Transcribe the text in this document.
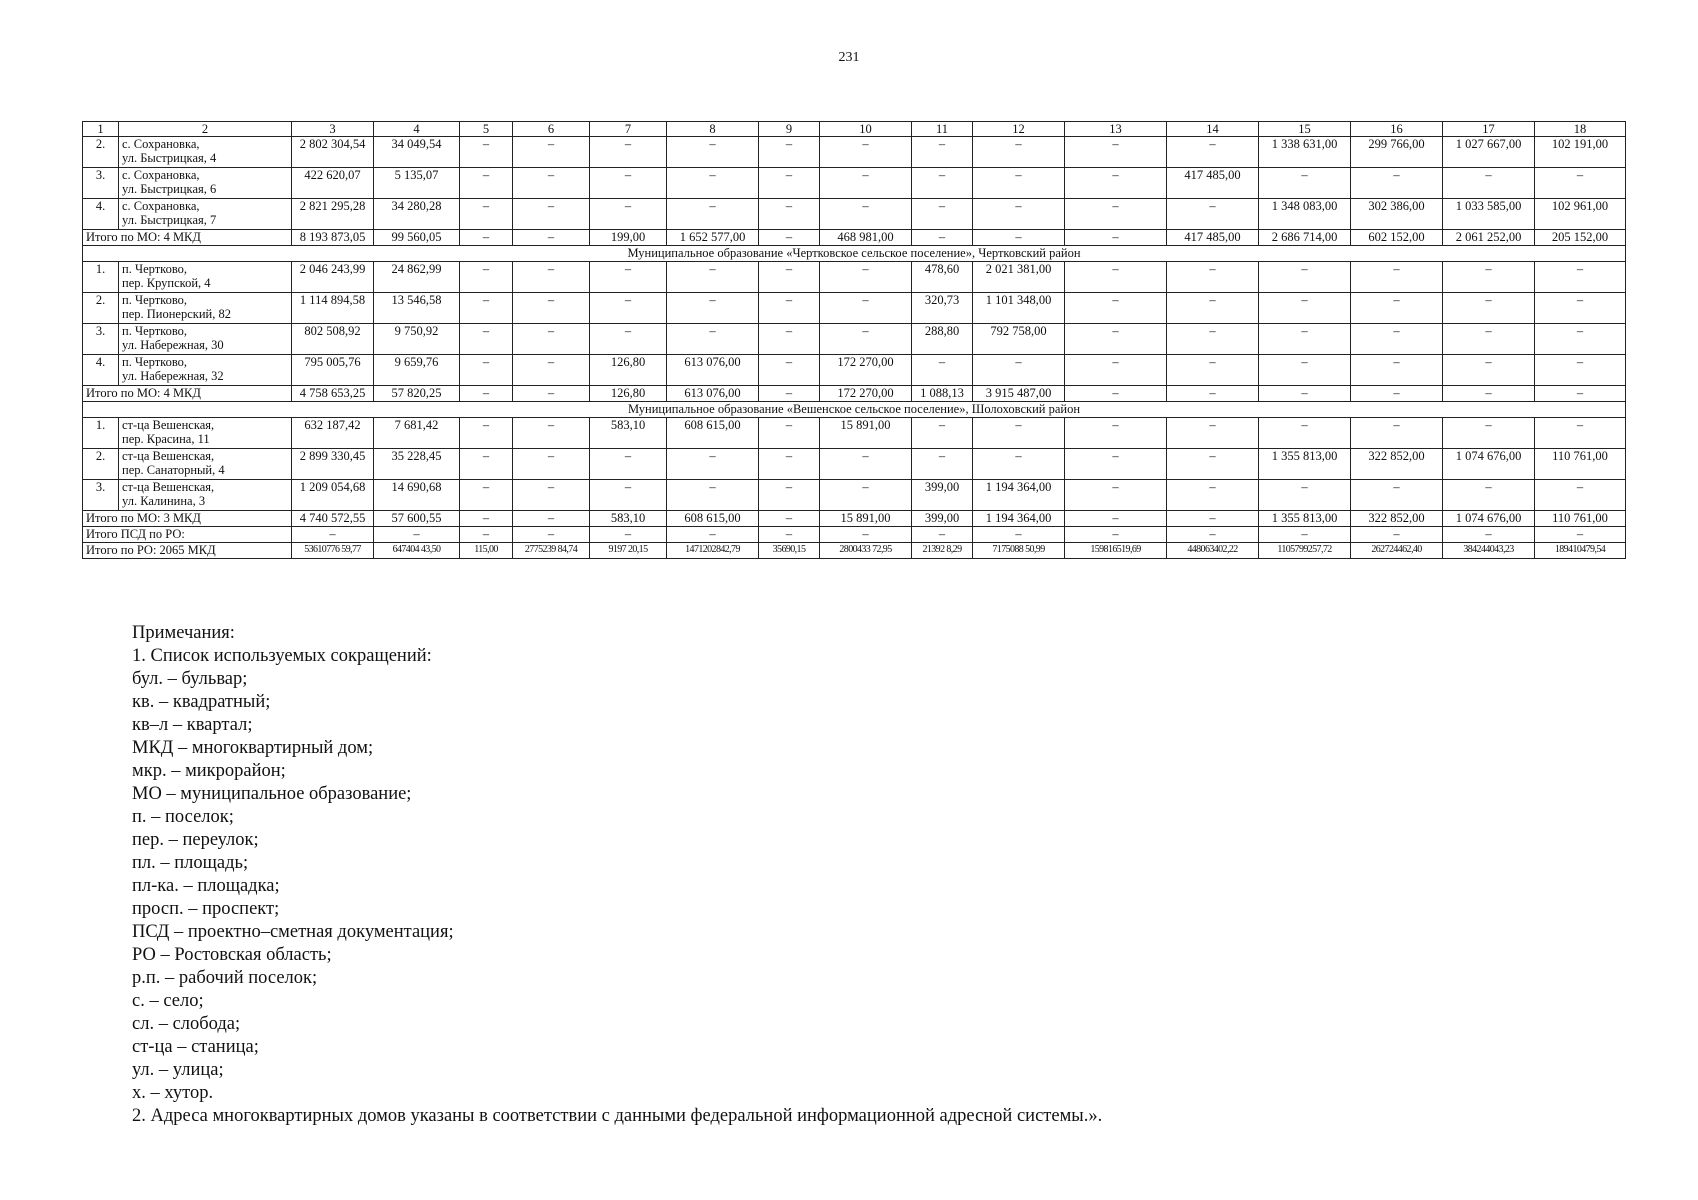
231
1	2	3	4	5	6	7	8	9	10	11	12	13	14	15	16	17	18
2.	с. Сохрановка,
ул. Быстрицкая, 4	2 802 304,54	34 049,54	–	–	–	–	–	–	–	–	–	–	1 338 631,00	299 766,00	1 027 667,00	102 191,00
3.	с. Сохрановка,
ул. Быстрицкая, 6	422 620,07	5 135,07	–	–	–	–	–	–	–	–	–	417 485,00	–	–	–	–
4.	с. Сохрановка,
ул. Быстрицкая, 7	2 821 295,28	34 280,28	–	–	–	–	–	–	–	–	–	–	1 348 083,00	302 386,00	1 033 585,00	102 961,00
Итого по МО: 4 МКД		8 193 873,05	99 560,05	–	–	199,00	1 652 577,00	–	468 981,00	–	–	–	417 485,00	2 686 714,00	602 152,00	2 061 252,00	205 152,00
Муниципальное образование «Чертковское сельское поселение», Чертковский район																	
1.	п. Чертково,
пер. Крупской, 4	2 046 243,99	24 862,99	–	–	–	–	–	–	478,60	2 021 381,00	–	–	–	–	–	–
2.	п. Чертково,
пер. Пионерский, 82	1 114 894,58	13 546,58	–	–	–	–	–	–	320,73	1 101 348,00	–	–	–	–	–	–
3.	п. Чертково,
ул. Набережная, 30	802 508,92	9 750,92	–	–	–	–	–	–	288,80	792 758,00	–	–	–	–	–	–
4.	п. Чертково,
ул. Набережная, 32	795 005,76	9 659,76	–	–	126,80	613 076,00	–	172 270,00	–	–	–	–	–	–	–	–
Итого по МО: 4 МКД		4 758 653,25	57 820,25	–	–	126,80	613 076,00	–	172 270,00	1 088,13	3 915 487,00	–	–	–	–	–	–
Муниципальное образование «Вешенское сельское поселение», Шолоховский район																	
1.	ст-ца Вешенская,
пер. Красина, 11	632 187,42	7 681,42	–	–	583,10	608 615,00	–	15 891,00	–	–	–	–	–	–	–	–
2.	ст-ца Вешенская,
пер. Санаторный, 4	2 899 330,45	35 228,45	–	–	–	–	–	–	–	–	–	–	1 355 813,00	322 852,00	1 074 676,00	110 761,00
3.	ст-ца Вешенская,
ул. Калинина, 3	1 209 054,68	14 690,68	–	–	–	–	–	–	399,00	1 194 364,00	–	–	–	–	–	–
Итого по МО: 3 МКД		4 740 572,55	57 600,55	–	–	583,10	608 615,00	–	15 891,00	399,00	1 194 364,00	–	–	1 355 813,00	322 852,00	1 074 676,00	110 761,00
Итого ПСД по РО:		–	–	–	–	–	–	–	–	–	–	–	–	–	–	–	–
Итого по РО: 2065 МКД		53610776 59,77	647404 43,50	115,00	2775239 84,74	9197 20,15	1471202842,79	35690,15	2800433 72,95	21392 8,29	7175088 50,99	159816519,69	448063402,22	1105799257,72	262724462,40	384244043,23	189410479,54
Примечания:
1. Список используемых сокращений:
бул. – бульвар;
кв. – квадратный;
кв–л – квартал;
МКД – многоквартирный дом;
мкр. – микрорайон;
МО – муниципальное образование;
п. – поселок;
пер. – переулок;
пл. – площадь;
пл-ка. – площадка;
просп. – проспект;
ПСД – проектно–сметная документация;
РО – Ростовская область;
р.п. – рабочий поселок;
с. – село;
сл. – слобода;
ст-ца – станица;
ул. – улица;
х. – хутор.
2. Адреса многоквартирных домов указаны в соответствии с данными федеральной информационной адресной системы.».
